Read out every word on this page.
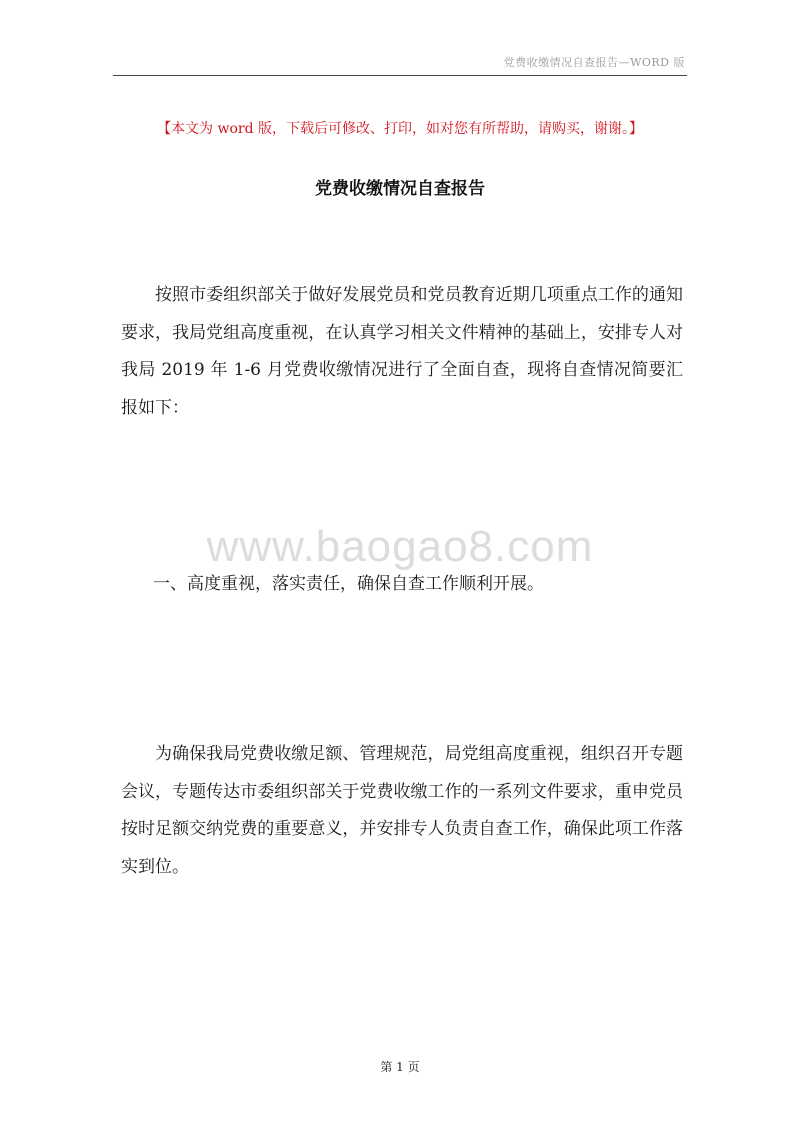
党费收缴情况自查报告—WORD 版
【本文为 word 版，下载后可修改、打印，如对您有所帮助，请购买，谢谢。】
党费收缴情况自查报告
按照市委组织部关于做好发展党员和党员教育近期几项重点工作的通知要求，我局党组高度重视，在认真学习相关文件精神的基础上，安排专人对我局 2019 年 1-6 月党费收缴情况进行了全面自查，现将自查情况简要汇报如下：
www.baogao8.com
一、高度重视，落实责任，确保自查工作顺利开展。
为确保我局党费收缴足额、管理规范，局党组高度重视，组织召开专题会议，专题传达市委组织部关于党费收缴工作的一系列文件要求，重申党员按时足额交纳党费的重要意义，并安排专人负责自查工作，确保此项工作落实到位。
第 1 页
